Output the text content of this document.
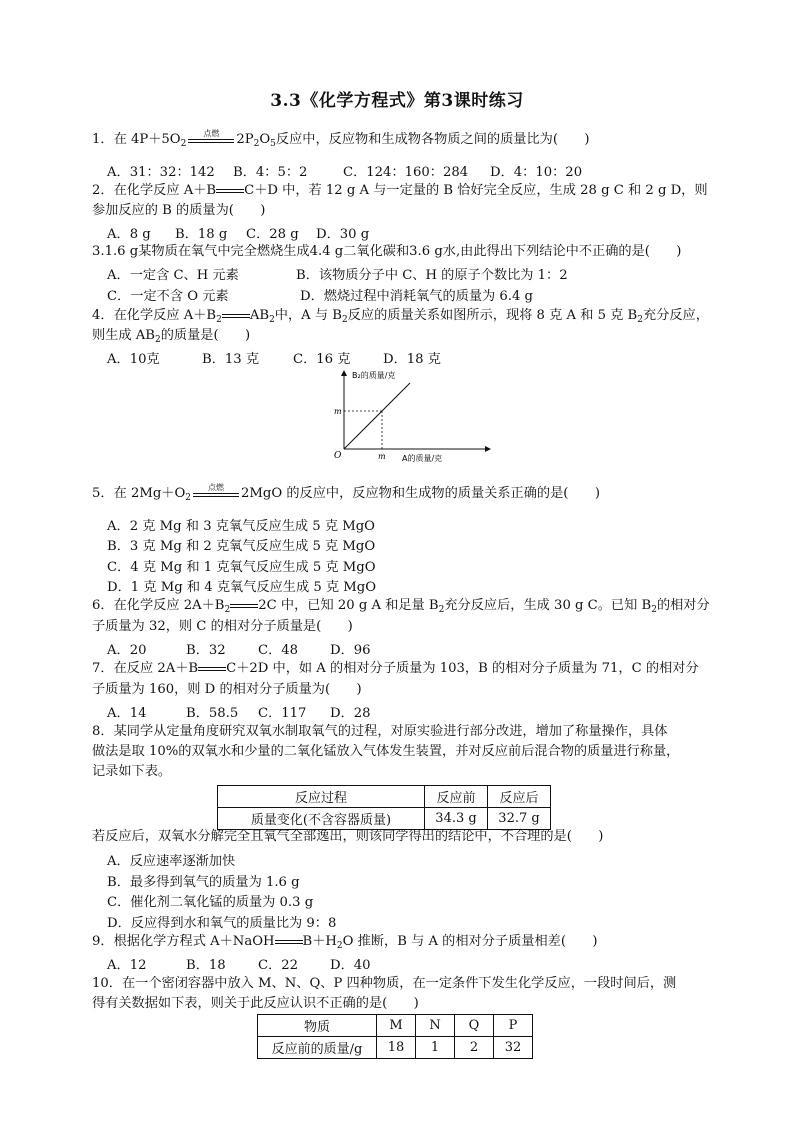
3.3《化学方程式》第3课时练习
1．在 $4P+5O_2$
点燃	$2P_2O_5$反应中，反应物和生成物各物质之间的质量比为(　　)
A．31：32：142 B．4：5：2	C．124：160：284 D．4：10：20
2．在化学反应 A＋B C＋D 中，若 12 g A 与一定量的 B 恰好完全反应，生成 28 g C 和 2 g D，则
参加反应的 B 的质量为(　　)
A．8 g B．18 g C．28 g D．30 g
3.1.6 g某物质在氧气中完全燃烧生成4.4 g二氧化碳和3.6 g水,由此得出下列结论中不正确的是(　　)
A．一定含 C、H 元素	B．该物质分子中 C、H 的原子个数比为 1：2
C．一定不含 O 元素	D．燃烧过程中消耗氧气的质量为 6.4 g
4．在化学反应 $A+B_2$ $AB_2$中，A 与 $B_2$反应的质量关系如图所示，现将 8 克 A 和 5 克 $B_2$充分反应，
则生成 $AB_2$的质量是(　　)
A．10克	B．13 克	C．16 克 D．18 克
B₂的质量/克
A的质量/克
O
m
m
5．在 $2Mg+O_2$
点燃	2MgO 的反应中，反应物和生成物的质量关系正确的是(　　)
A．2 克 Mg 和 3 克氧气反应生成 5 克 MgO
B．3 克 Mg 和 2 克氧气反应生成 5 克 MgO
C．4 克 Mg 和 1 克氧气反应生成 5 克 MgO
D．1 克 Mg 和 4 克氧气反应生成 5 克 MgO
6．在化学反应 $2A+B_2$ 2C 中，已知 20 g A 和足量 $B_2$充分反应后，生成 30 g C。已知 $B_2$的相对分
子质量为 32，则 C 的相对分子质量是(　　)
A．20	B．32 C．48 D．96
7．在反应 2A＋B C＋2D 中，如 A 的相对分子质量为 103，B 的相对分子质量为 71，C 的相对分
子质量为 160，则 D 的相对分子质量为(　　)
A．14	B．58.5 C．117 D．28
8．某同学从定量角度研究双氧水制取氧气的过程，对原实验进行部分改进，增加了称量操作，具体
做法是取 10%的双氧水和少量的二氧化锰放入气体发生装置，并对反应前后混合物的质量进行称量，
记录如下表。
反应过程	反应前	反应后
质量变化(不含容器质量)	34.3 g	32.7 g
若反应后，双氧水分解完全且氧气全部逸出，则该同学得出的结论中，不合理的是(　　)
A．反应速率逐渐加快
B．最多得到氧气的质量为 1.6 g
C．催化剂二氧化锰的质量为 0.3 g
D．反应得到水和氧气的质量比为 9：8
9．根据化学方程式 A＋NaOH $B+H_2O$ 推断，B 与 A 的相对分子质量相差(　　)
A．12	B．18 C．22 D．40
10．在一个密闭容器中放入 M、N、Q、P 四种物质，在一定条件下发生化学反应，一段时间后，测
得有关数据如下表，则关于此反应认识不正确的是(　　)
物质	M	N	Q	P
反应前的质量/g	18	1	2	32
